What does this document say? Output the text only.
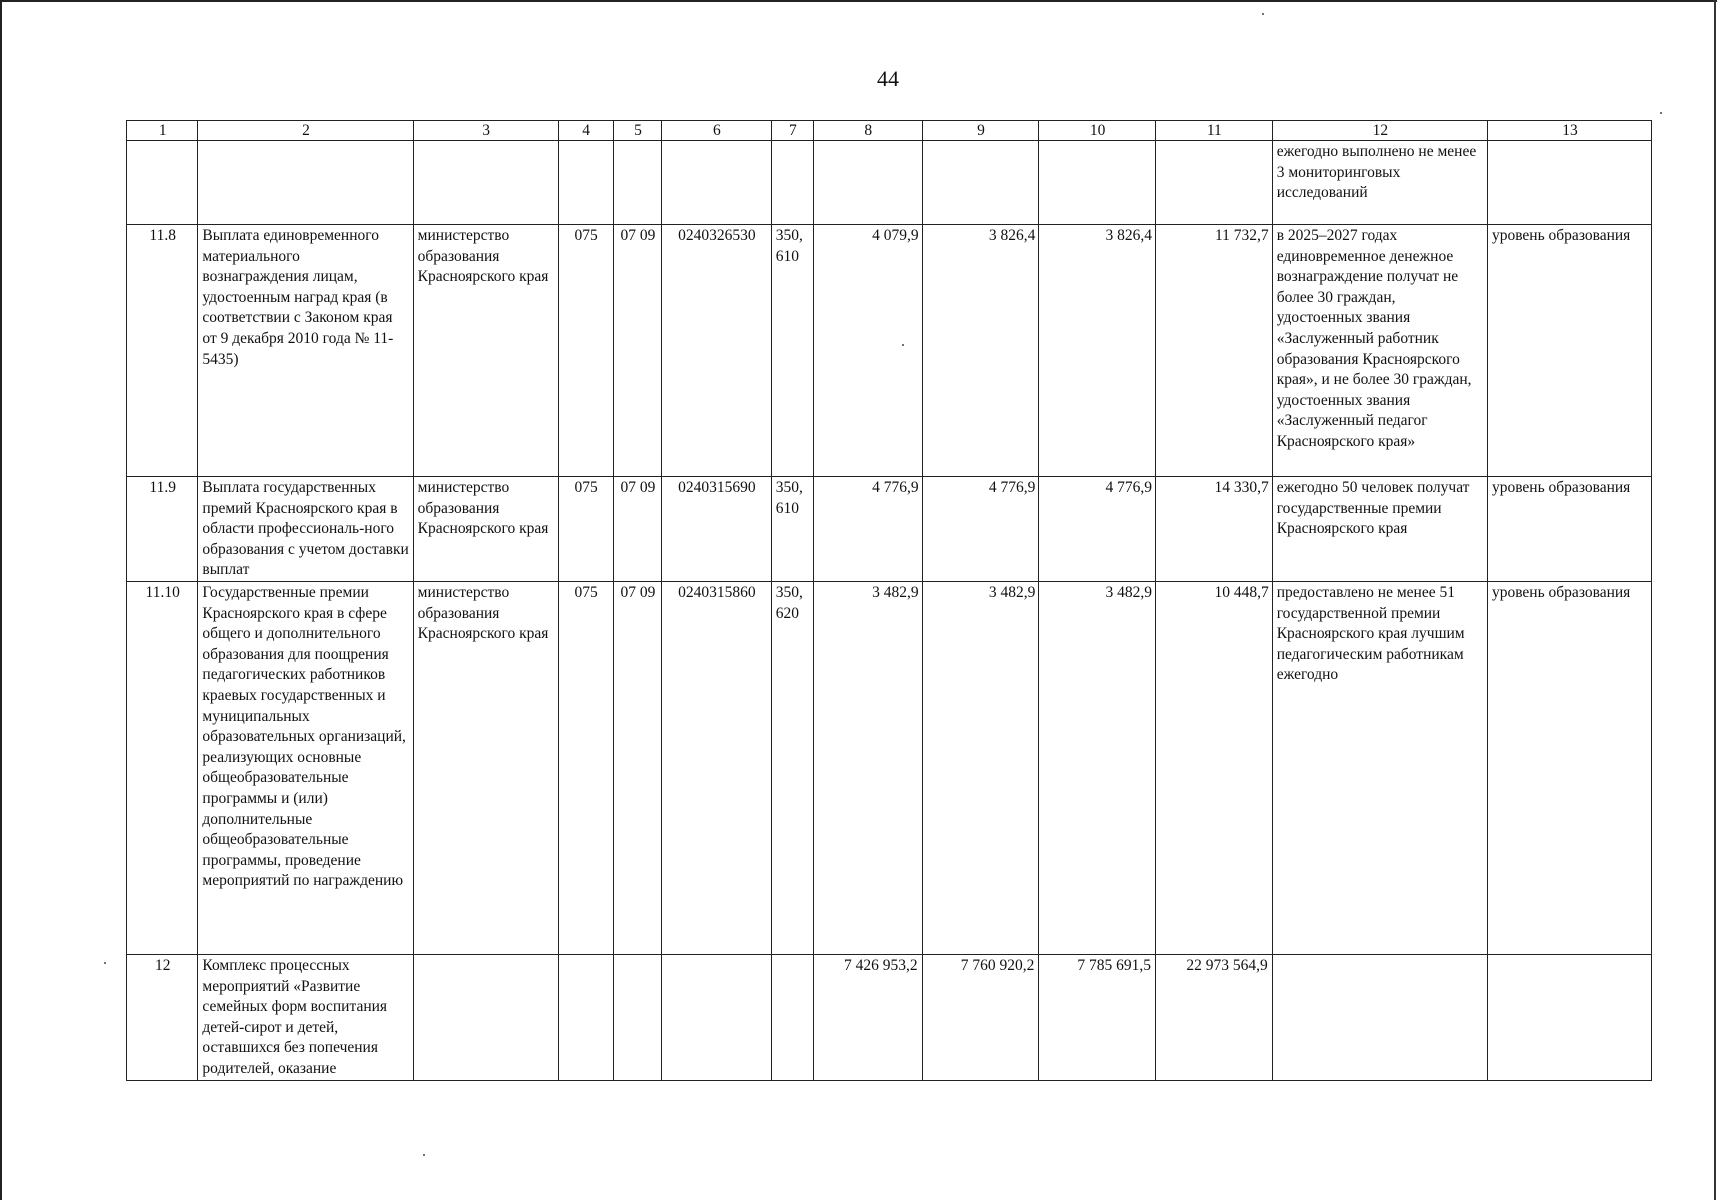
44
1	2	3	4	5	6	7	8	9	10	11	12	13
											ежегодно выполнено не менее 3 мониторинговых исследований	
11.8	Выплата единовременного материального вознаграждения лицам, удостоенным наград края (в соответствии с Законом края от 9 декабря 2010 года № 11-5435)	министерство образования Красноярского края	075	07 09	0240326530	350, 610	4 079,9	3 826,4	3 826,4	11 732,7	в 2025–2027 годах единовременное денежное вознаграждение получат не более 30 граждан, удостоенных звания «Заслуженный работник образования Красноярского края», и не более 30 граждан, удостоенных звания «Заслуженный педагог Красноярского края»	уровень образования
11.9	Выплата государственных премий Красноярского края в области профессиональ-ного образования с учетом доставки выплат	министерство образования Красноярского края	075	07 09	0240315690	350, 610	4 776,9	4 776,9	4 776,9	14 330,7	ежегодно 50 человек получат государственные премии Красноярского края	уровень образования
11.10	Государственные премии Красноярского края в сфере общего и дополнительного образования для поощрения педагогических работников краевых государственных и муниципальных образовательных организаций, реализующих основные общеобразовательные программы и (или) дополнительные общеобразовательные программы, проведение мероприятий по награждению	министерство образования Красноярского края	075	07 09	0240315860	350, 620	3 482,9	3 482,9	3 482,9	10 448,7	предоставлено не менее 51 государственной премии Красноярского края лучшим педагогическим работникам ежегодно	уровень образования
12	Комплекс процессных мероприятий «Развитие семейных форм воспитания детей-сирот и детей, оставшихся без попечения родителей, оказание						7 426 953,2	7 760 920,2	7 785 691,5	22 973 564,9		
